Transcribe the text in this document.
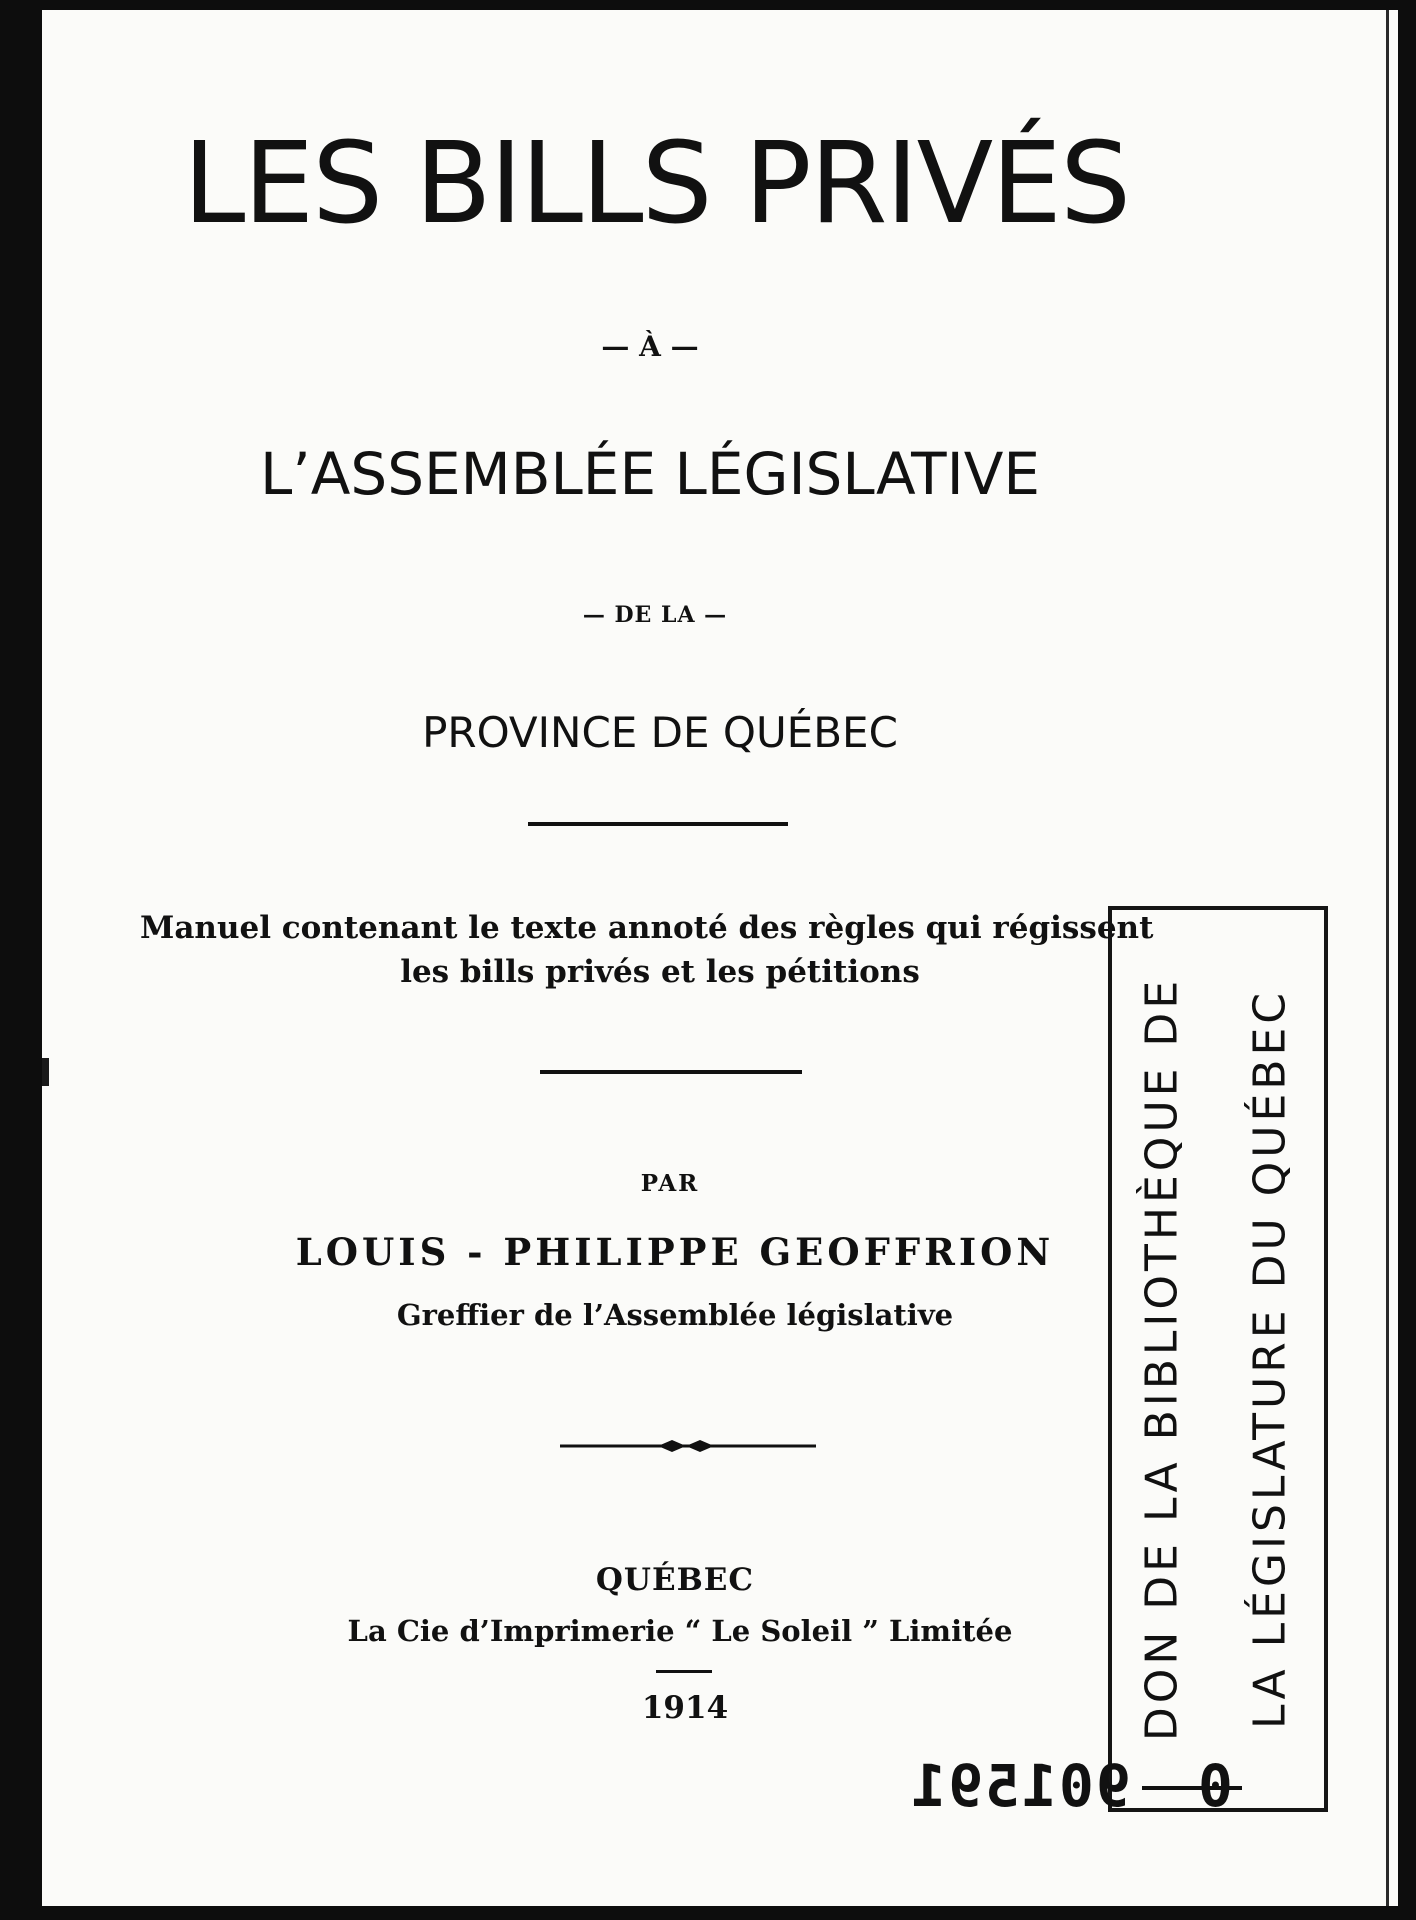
LES BILLS PRIVÉS
— À —
L’ASSEMBLÉE LÉGISLATIVE
— DE LA —
PROVINCE DE QUÉBEC
Manuel contenant le texte annoté des règles qui régissent
les bills privés et les pétitions
PAR
LOUIS - PHILIPPE GEOFFRION
Greffier de l’Assemblée législative
QUÉBEC
La Cie d’Imprimerie “ Le Soleil ” Limitée
1914	DON DE LA BIBLIOTHÈQUE DE LA LÉGISLATURE DU QUÉBEC
901591	0
